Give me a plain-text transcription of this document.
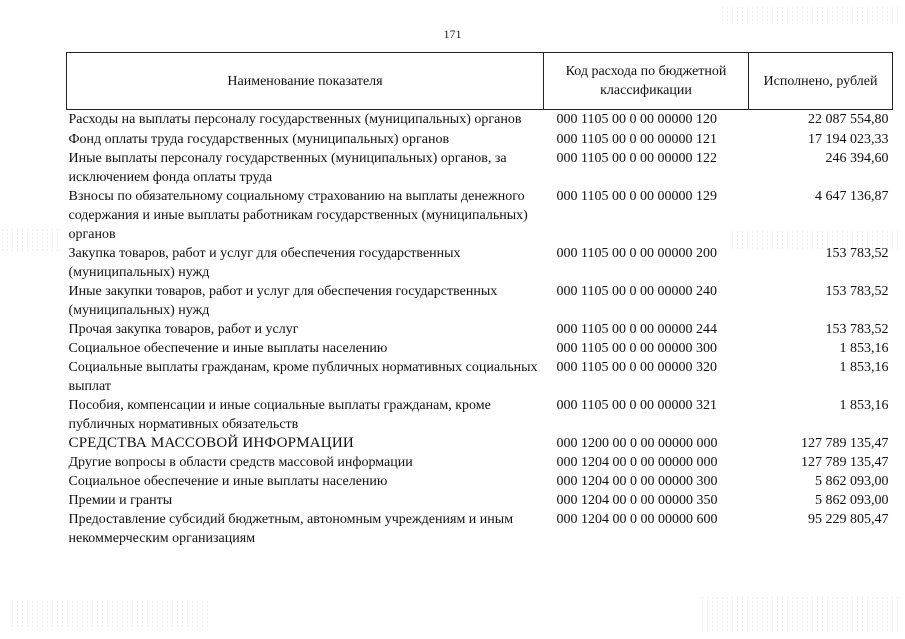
171
Наименование показателя	Код расхода по бюджетной классификации	Исполнено, рублей
Расходы на выплаты персоналу государственных (муниципальных) органов	000 1105 00 0 00 00000 120	22 087 554,80
Фонд оплаты труда государственных (муниципальных) органов	000 1105 00 0 00 00000 121	17 194 023,33
Иные выплаты персоналу государственных (муниципальных) органов, за исключением фонда оплаты труда	000 1105 00 0 00 00000 122	246 394,60
Взносы по обязательному социальному страхованию на выплаты денежного содержания и иные выплаты работникам государственных (муниципальных) органов	000 1105 00 0 00 00000 129	4 647 136,87
Закупка товаров, работ и услуг для обеспечения государственных (муниципальных) нужд	000 1105 00 0 00 00000 200	153 783,52
Иные закупки товаров, работ и услуг для обеспечения государственных (муниципальных) нужд	000 1105 00 0 00 00000 240	153 783,52
Прочая закупка товаров, работ и услуг	000 1105 00 0 00 00000 244	153 783,52
Социальное обеспечение и иные выплаты населению	000 1105 00 0 00 00000 300	1 853,16
Социальные выплаты гражданам, кроме публичных нормативных социальных выплат	000 1105 00 0 00 00000 320	1 853,16
Пособия, компенсации и иные социальные выплаты гражданам, кроме публичных нормативных обязательств	000 1105 00 0 00 00000 321	1 853,16
СРЕДСТВА МАССОВОЙ ИНФОРМАЦИИ	000 1200 00 0 00 00000 000	127 789 135,47
Другие вопросы в области средств массовой информации	000 1204 00 0 00 00000 000	127 789 135,47
Социальное обеспечение и иные выплаты населению	000 1204 00 0 00 00000 300	5 862 093,00
Премии и гранты	000 1204 00 0 00 00000 350	5 862 093,00
Предоставление субсидий бюджетным, автономным учреждениям и иным некоммерческим организациям	000 1204 00 0 00 00000 600	95 229 805,47
